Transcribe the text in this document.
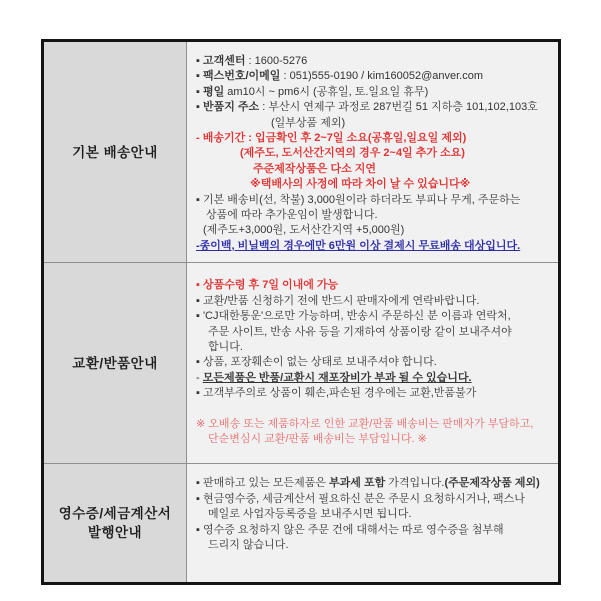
기본 배송안내
▪ 고객센터 : 1600-5276
▪ 팩스번호/이메일 : 051)555-0190 / kim160052@anver.com
▪ 평일 am10시 ~ pm6시 (공휴일, 토.일요일 휴무)
▪ 반품지 주소 : 부산시 연제구 과정로 287번길 51 지하층 101,102,103호
(일부상품 제외)
- 배송기간 : 입금확인 후 2~7일 소요(공휴일,일요일 제외)
(제주도, 도서산간지역의 경우 2~4일 추가 소요)
주준제작상품은 다소 지연
※택배사의 사정에 따라 차이 날 수 있습니다※
▪ 기본 배송비(선, 착불) 3,000원이라 하더라도 부피나 무게, 주문하는
상품에 따라 추가운임이 발생합니다.
(제주도+3,000원, 도서산간지역 +5,000원)
-종이백, 비닐백의 경우에만 6만원 이상 결제시 무료배송 대상입니다.
교환/반품안내
▪ 상품수령 후 7일 이내에 가능
▪ 교환/반품 신청하기 전에 반드시 판매자에게 연락바랍니다.
▪ 'CJ대한통운'으로만 가능하며, 반송시 주문하신 분 이름과 연락처,
주문 사이트, 반송 사유 등을 기재하여 상품이랑 같이 보내주셔야
합니다.
▪ 상품, 포장훼손이 없는 상태로 보내주셔야 합니다.
- 모든제품은 반품/교환시 재포장비가 부과 될 수 있습니다.
▪ 고객부주의로 상품이 훼손,파손된 경우에는 교환,반품불가

※ 오배송 또는 제품하자로 인한 교환/판품 배송비는 판매자가 부담하고,
단순변심시 교환/판품 배송비는 부담입니다. ※
영수증/세금계산서
발행안내
▪ 판매하고 있는 모든제품은 부과세 포함 가격입니다.(주문제작상품 제외)
▪ 현금영수증, 세금계산서 필요하신 분은 주문시 요청하시거나, 팩스나
메일로 사업자등록증을 보내주시면 됩니다.
▪ 영수증 요청하지 않은 주문 건에 대해서는 따로 영수증을 첨부해
드리지 않습니다.
